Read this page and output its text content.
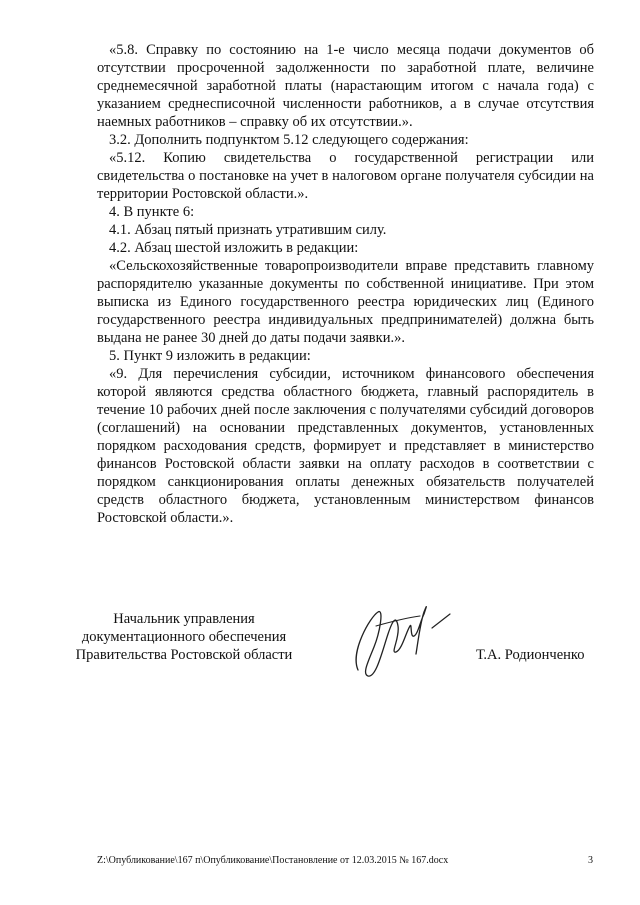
«5.8. Справку по состоянию на 1-е число месяца подачи документов об отсутствии просроченной задолженности по заработной плате, величине среднемесячной заработной платы (нарастающим итогом с начала года) с указанием среднесписочной численности работников, а в случае отсутствия наемных работников – справку об их отсутствии.».

3.2. Дополнить подпунктом 5.12 следующего содержания:

«5.12. Копию свидетельства о государственной регистрации или свидетельства о постановке на учет в налоговом органе получателя субсидии на территории Ростовской области.».

4. В пункте 6:

4.1. Абзац пятый признать утратившим силу.

4.2. Абзац шестой изложить в редакции:

«Сельскохозяйственные товаропроизводители вправе представить главному распорядителю указанные документы по собственной инициативе. При этом выписка из Единого государственного реестра юридических лиц (Единого государственного реестра индивидуальных предпринимателей) должна быть выдана не ранее 30 дней до даты подачи заявки.».

5. Пункт 9 изложить в редакции:

«9. Для перечисления субсидии, источником финансового обеспечения которой являются средства областного бюджета, главный распорядитель в течение 10 рабочих дней после заключения с получателями субсидий договоров (соглашений) на основании представленных документов, установленных порядком расходования средств, формирует и представляет в министерство финансов Ростовской области заявки на оплату расходов в соответствии с порядком санкционирования оплаты денежных обязательств получателей средств областного бюджета, установленным министерством финансов Ростовской области.».

Начальник управления
документационного обеспечения
Правительства Ростовской области	Т.А. Родионченко
Z:\Опубликование\167 п\Опубликование\Постановление от 12.03.2015 № 167.docx	3
